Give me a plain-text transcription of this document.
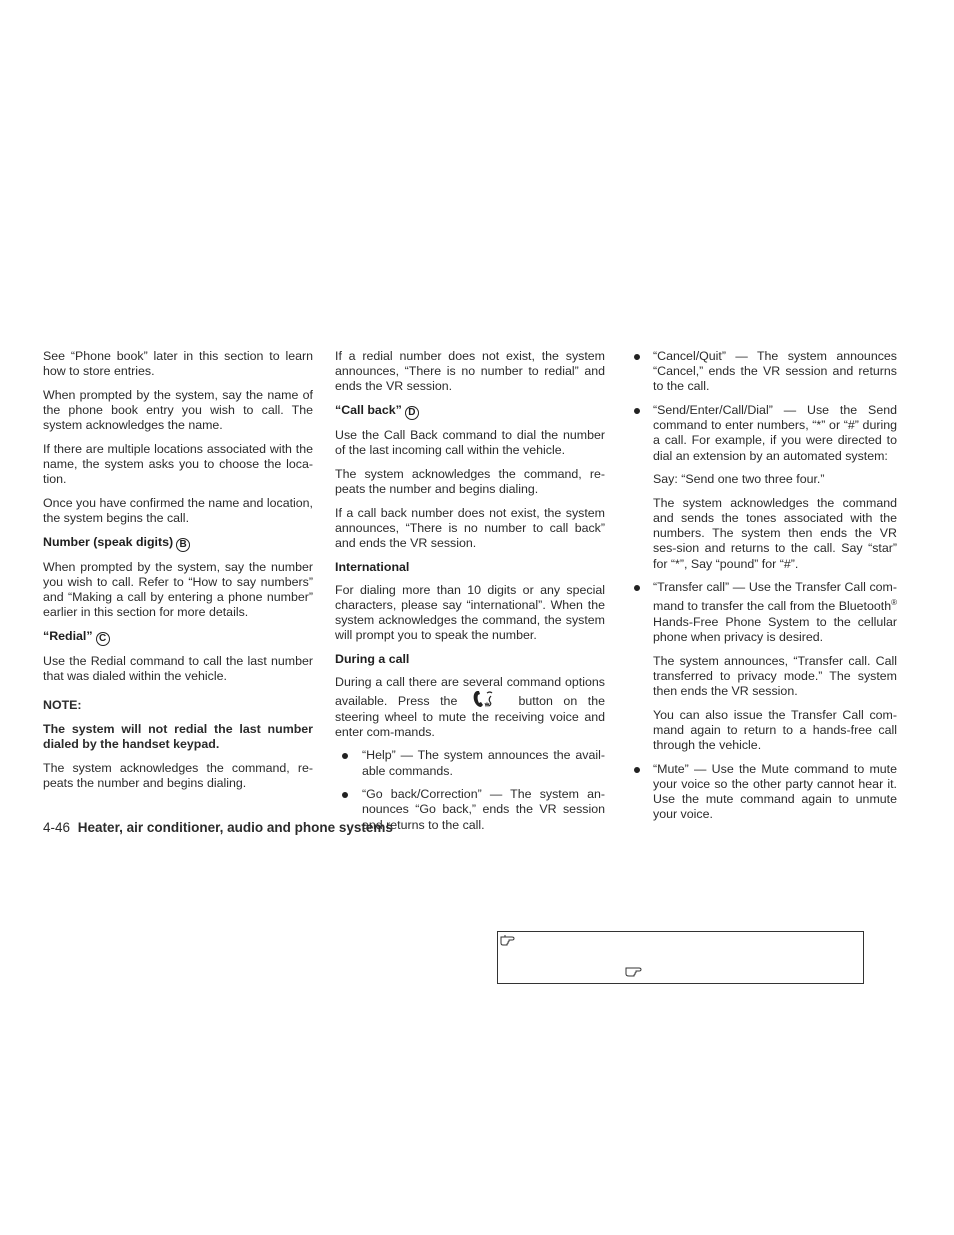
See “Phone book” later in this section to learn how to store entries.

When prompted by the system, say the name of the phone book entry you wish to call. The system acknowledges the name.

If there are multiple locations associated with the name, the system asks you to choose the loca-tion.

Once you have confirmed the name and location, the system begins the call.

Number (speak digits) B

When prompted by the system, say the number you wish to call. Refer to “How to say numbers” and “Making a call by entering a phone number” earlier in this section for more details.

“Redial” C

Use the Redial command to call the last number that was dialed within the vehicle.

NOTE:

The system will not redial the last number dialed by the handset keypad.

The system acknowledges the command, re-peats the number and begins dialing.

If a redial number does not exist, the system announces, “There is no number to redial” and ends the VR session.

“Call back” D

Use the Call Back command to dial the number of the last incoming call within the vehicle.

The system acknowledges the command, re-peats the number and begins dialing.

If a call back number does not exist, the system announces, “There is no number to call back” and ends the VR session.

International

For dialing more than 10 digits or any special characters, please say “international”. When the system acknowledges the command, the system will prompt you to speak the number.

During a call

During a call there are several command options available. Press the	button on the steering wheel to mute the receiving voice and enter com-mands.

“Help” — The system announces the avail-able commands.

“Go back/Correction” — The system an-nounces “Go back,” ends the VR session and returns to the call.

“Cancel/Quit” — The system announces “Cancel,” ends the VR session and returns to the call.

“Send/Enter/Call/Dial” — Use the Send command to enter numbers, “*” or “#” during a call. For example, if you were directed to dial an extension by an automated system:

Say: “Send one two three four.”

The system acknowledges the command and sends the tones associated with the numbers. The system then ends the VR ses-sion and returns to the call. Say “star” for “*”, Say “pound” for “#”.

“Transfer call” — Use the Transfer Call com-mand to transfer the call from the Bluetooth® Hands-Free Phone System to the cellular phone when privacy is desired.

The system announces, “Transfer call. Call transferred to privacy mode.” The system then ends the VR session.

You can also issue the Transfer Call com-mand again to return to a hands-free call through the vehicle.

“Mute” — Use the Mute command to mute your voice so the other party cannot hear it. Use the mute command again to unmute your voice.

4-46 Heater, air conditioner, audio and phone systems
